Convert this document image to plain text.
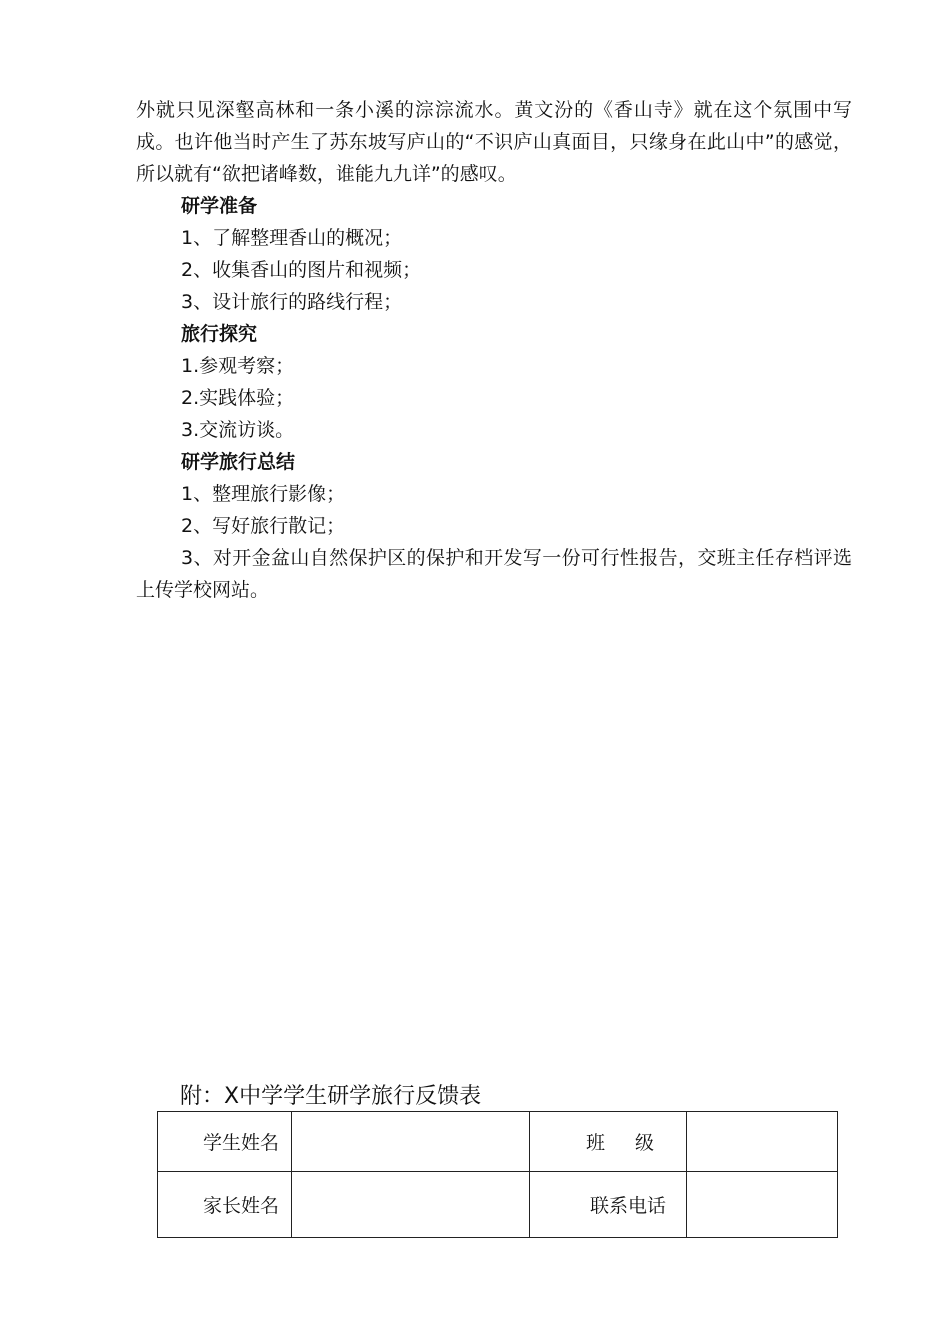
外就只见深壑高林和一条小溪的淙淙流水。黄文汾的《香山寺》就在这个氛围中写成。也许他当时产生了苏东坡写庐山的“不识庐山真面目，只缘身在此山中”的感觉，所以就有“欲把诸峰数，谁能九九详”的感叹。

研学准备

1、了解整理香山的概况；

2、收集香山的图片和视频；

3、设计旅行的路线行程；

旅行探究

1.参观考察；

2.实践体验；

3.交流访谈。

研学旅行总结

1、整理旅行影像；

2、写好旅行散记；

3、对开金盆山自然保护区的保护和开发写一份可行性报告，交班主任存档评选上传学校网站。

附：X中学学生研学旅行反馈表
学生姓名		班 级	
家长姓名		联系电话	
